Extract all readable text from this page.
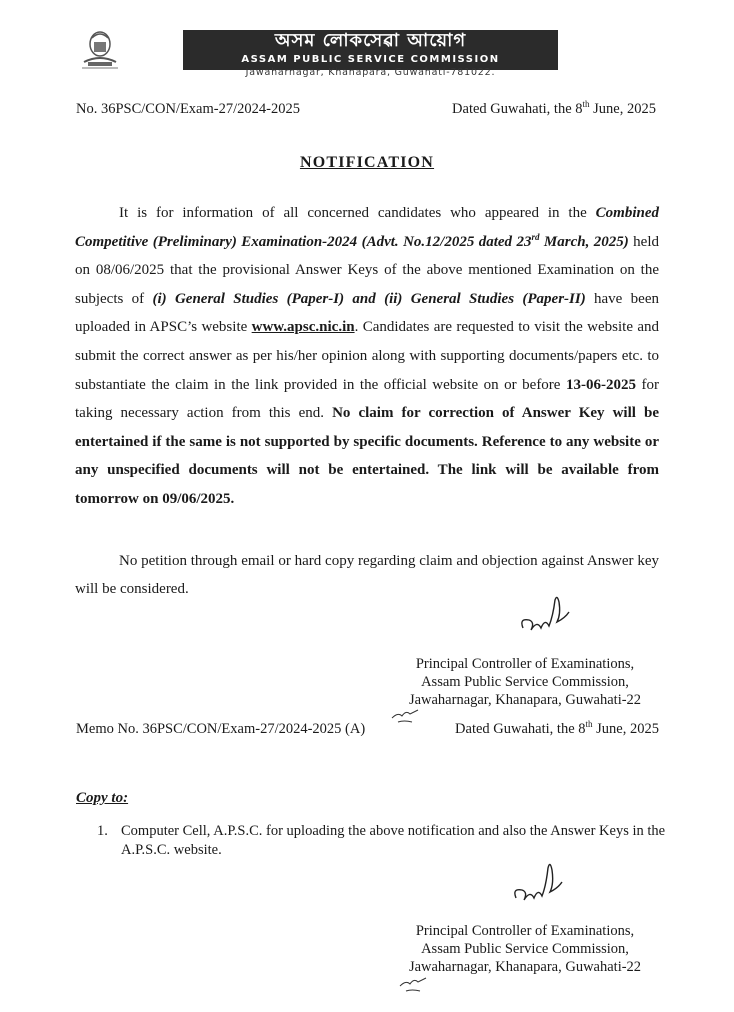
অসম লোকসেৱা আয়োগ
ASSAM PUBLIC SERVICE COMMISSION
Jawaharnagar, Khanapara, Guwahati-781022.
No. 36PSC/CON/Exam-27/2024-2025	Dated Guwahati, the 8th June, 2025
NOTIFICATION
It is for information of all concerned candidates who appeared in the Combined Competitive (Preliminary) Examination-2024 (Advt. No.12/2025 dated 23rd March, 2025) held on 08/06/2025 that the provisional Answer Keys of the above mentioned Examination on the subjects of (i) General Studies (Paper-I) and (ii) General Studies (Paper-II) have been uploaded in APSC’s website www.apsc.nic.in. Candidates are requested to visit the website and submit the correct answer as per his/her opinion along with supporting documents/papers etc. to substantiate the claim in the link provided in the official website on or before 13-06-2025 for taking necessary action from this end. No claim for correction of Answer Key will be entertained if the same is not supported by specific documents. Reference to any website or any unspecified documents will not be entertained. The link will be available from tomorrow on 09/06/2025.
No petition through email or hard copy regarding claim and objection against Answer key will be considered.
Principal Controller of Examinations,
Assam Public Service Commission,
Jawaharnagar, Khanapara, Guwahati-22
Memo No. 36PSC/CON/Exam-27/2024-2025 (A)	Dated Guwahati, the 8th June, 2025
Copy to:
1. Computer Cell, A.P.S.C. for uploading the above notification and also the Answer Keys in the A.P.S.C. website.
Principal Controller of Examinations,
Assam Public Service Commission,
Jawaharnagar, Khanapara, Guwahati-22
